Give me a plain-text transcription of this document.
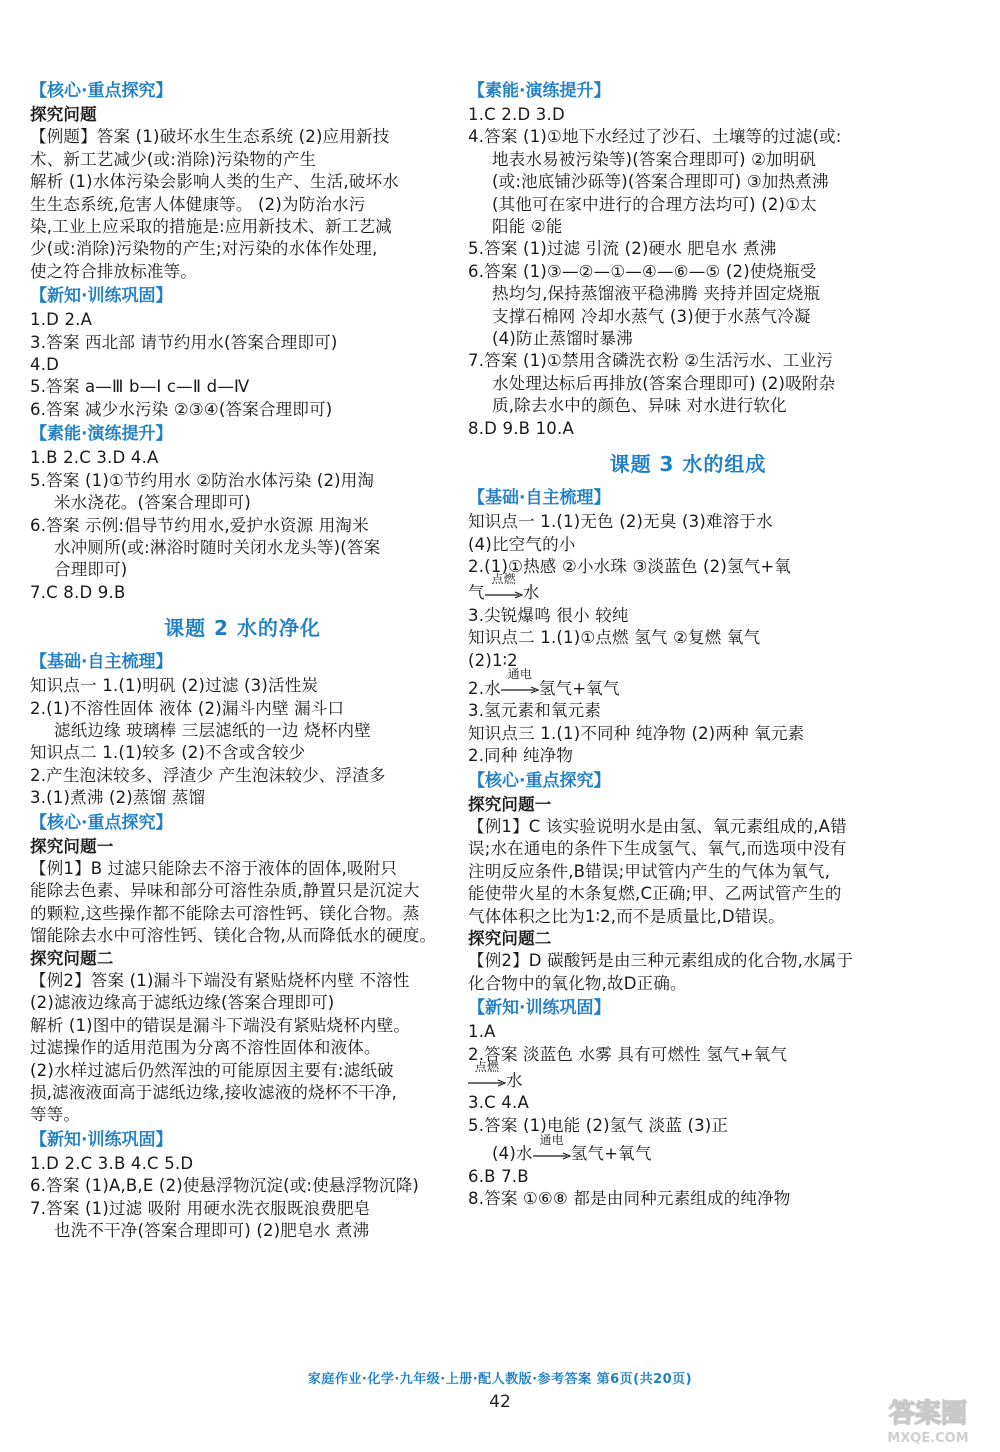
【核心·重点探究】
探究问题
【例题】答案 (1)破坏水生生态系统 (2)应用新技
术、新工艺减少(或:消除)污染物的产生
解析 (1)水体污染会影响人类的生产、生活,破坏水
生生态系统,危害人体健康等。 (2)为防治水污
染,工业上应采取的措施是:应用新技术、新工艺减
少(或:消除)污染物的产生;对污染的水体作处理,
使之符合排放标准等。
【新知·训练巩固】
1.D 2.A
3.答案 西北部 请节约用水(答案合理即可)
4.D
5.答案 a—Ⅲ b—Ⅰ c—Ⅱ d—Ⅳ
6.答案 减少水污染 ②③④(答案合理即可)
【素能·演练提升】
1.B 2.C 3.D 4.A
5.答案 (1)①节约用水 ②防治水体污染 (2)用淘
米水浇花。(答案合理即可)
6.答案 示例:倡导节约用水,爱护水资源 用淘米
水冲厕所(或:淋浴时随时关闭水龙头等)(答案
合理即可)
7.C 8.D 9.B
课题 2 水的净化
【基础·自主梳理】
知识点一 1.(1)明矾 (2)过滤 (3)活性炭
2.(1)不溶性固体 液体 (2)漏斗内壁 漏斗口
滤纸边缘 玻璃棒 三层滤纸的一边 烧杯内壁
知识点二 1.(1)较多 (2)不含或含较少
2.产生泡沫较多、浮渣少 产生泡沫较少、浮渣多
3.(1)煮沸 (2)蒸馏 蒸馏
【核心·重点探究】
探究问题一
【例1】B 过滤只能除去不溶于液体的固体,吸附只
能除去色素、异味和部分可溶性杂质,静置只是沉淀大
的颗粒,这些操作都不能除去可溶性钙、镁化合物。蒸
馏能除去水中可溶性钙、镁化合物,从而降低水的硬度。
探究问题二
【例2】答案 (1)漏斗下端没有紧贴烧杯内壁 不溶性
(2)滤液边缘高于滤纸边缘(答案合理即可)
解析 (1)图中的错误是漏斗下端没有紧贴烧杯内壁。
过滤操作的适用范围为分离不溶性固体和液体。
(2)水样过滤后仍然浑浊的可能原因主要有:滤纸破
损,滤液液面高于滤纸边缘,接收滤液的烧杯不干净,
等等。
【新知·训练巩固】
1.D 2.C 3.B 4.C 5.D
6.答案 (1)A,B,E (2)使悬浮物沉淀(或:使悬浮物沉降)
7.答案 (1)过滤 吸附 用硬水洗衣服既浪费肥皂
也洗不干净(答案合理即可) (2)肥皂水 煮沸
【素能·演练提升】
1.C 2.D 3.D
4.答案 (1)①地下水经过了沙石、土壤等的过滤(或:
地表水易被污染等)(答案合理即可) ②加明矾
(或:池底铺沙砾等)(答案合理即可) ③加热煮沸
(其他可在家中进行的合理方法均可) (2)①太
阳能 ②能
5.答案 (1)过滤 引流 (2)硬水 肥皂水 煮沸
6.答案 (1)③—②—①—④—⑥—⑤ (2)使烧瓶受
热均匀,保持蒸馏液平稳沸腾 夹持并固定烧瓶
支撑石棉网 冷却水蒸气 (3)便于水蒸气冷凝
(4)防止蒸馏时暴沸
7.答案 (1)①禁用含磷洗衣粉 ②生活污水、工业污
水处理达标后再排放(答案合理即可) (2)吸附杂
质,除去水中的颜色、异味 对水进行软化
8.D 9.B 10.A
课题 3 水的组成
【基础·自主梳理】
知识点一 1.(1)无色 (2)无臭 (3)难溶于水
(4)比空气的小
2.(1)①热感 ②小水珠 ③淡蓝色 (2)氢气+氧
气
点燃
水
3.尖锐爆鸣 很小 较纯
知识点二 1.(1)①点燃 氢气 ②复燃 氧气
(2)1∶2
2.水
通电
氢气+氧气
3.氢元素和氧元素
知识点三 1.(1)不同种 纯净物 (2)两种 氧元素
2.同种 纯净物
【核心·重点探究】
探究问题一
【例1】C 该实验说明水是由氢、氧元素组成的,A错
误;水在通电的条件下生成氢气、氧气,而选项中没有
注明反应条件,B错误;甲试管内产生的气体为氧气,
能使带火星的木条复燃,C正确;甲、乙两试管产生的
气体体积之比为1∶2,而不是质量比,D错误。
探究问题二
【例2】D 碳酸钙是由三种元素组成的化合物,水属于
化合物中的氧化物,故D正确。
【新知·训练巩固】
1.A
2.答案 淡蓝色 水雾 具有可燃性 氢气+氧气
点燃
水
3.C 4.A
5.答案 (1)电能 (2)氢气 淡蓝 (3)正
(4)水
通电
氢气+氧气
6.B 7.B
8.答案 ①⑥⑧ 都是由同种元素组成的纯净物
家庭作业·化学·九年级·上册·配人教版·参考答案 第6页(共20页)
42	答案圈
MXQE.COM
